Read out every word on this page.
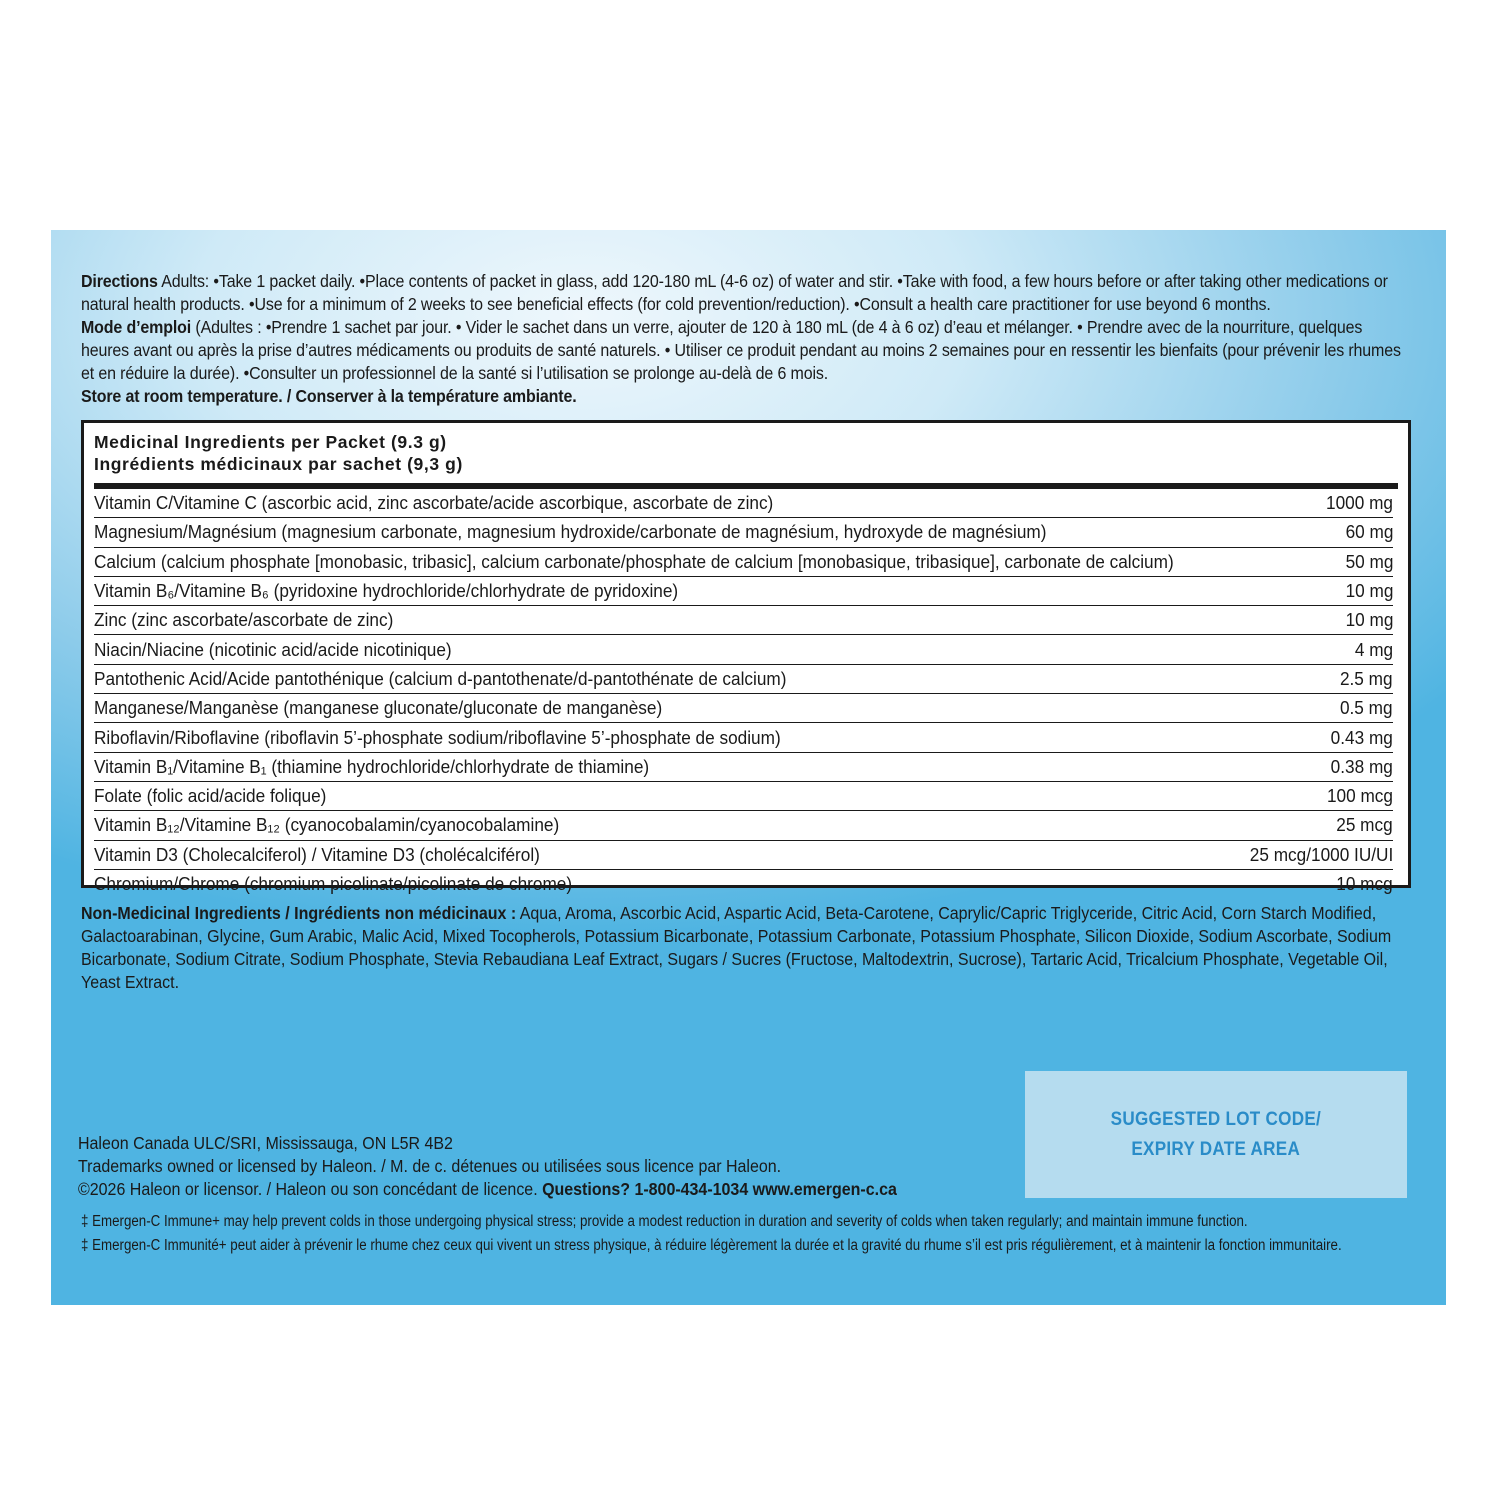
Directions Adults: •Take 1 packet daily. •Place contents of packet in glass, add 120-180 mL (4-6 oz) of water and stir. •Take with food, a few hours before or after taking other medications or natural health products. •Use for a minimum of 2 weeks to see beneficial effects (for cold prevention/reduction). •Consult a health care practitioner for use beyond 6 months.

Mode d’emploi (Adultes : •Prendre 1 sachet par jour. • Vider le sachet dans un verre, ajouter de 120 à 180 mL (de 4 à 6 oz) d’eau et mélanger. • Prendre avec de la nourriture, quelques heures avant ou après la prise d’autres médicaments ou produits de santé naturels. • Utiliser ce produit pendant au moins 2 semaines pour en ressentir les bienfaits (pour prévenir les rhumes et en réduire la durée). •Consulter un professionnel de la santé si l’utilisation se prolonge au-delà de 6 mois.

Store at room temperature. / Conserver à la température ambiante.

Medicinal Ingredients per Packet (9.3 g)
Ingrédients médicinaux par sachet (9,3 g)
Vitamin C/Vitamine C (ascorbic acid, zinc ascorbate/acide ascorbique, ascorbate de zinc)	1000 mg
Magnesium/Magnésium (magnesium carbonate, magnesium hydroxide/carbonate de magnésium, hydroxyde de magnésium)	60 mg
Calcium (calcium phosphate [monobasic, tribasic], calcium carbonate/phosphate de calcium [monobasique, tribasique], carbonate de calcium)	50 mg
Vitamin B₆/Vitamine B₆ (pyridoxine hydrochloride/chlorhydrate de pyridoxine)	10 mg
Zinc (zinc ascorbate/ascorbate de zinc)	10 mg
Niacin/Niacine (nicotinic acid/acide nicotinique)	4 mg
Pantothenic Acid/Acide pantothénique (calcium d-pantothenate/d-pantothénate de calcium)	2.5 mg
Manganese/Manganèse (manganese gluconate/gluconate de manganèse)	0.5 mg
Riboflavin/Riboflavine (riboflavin 5’-phosphate sodium/riboflavine 5’-phosphate de sodium)	0.43 mg
Vitamin B₁/Vitamine B₁ (thiamine hydrochloride/chlorhydrate de thiamine)	0.38 mg
Folate (folic acid/acide folique)	100 mcg
Vitamin B₁₂/Vitamine B₁₂ (cyanocobalamin/cyanocobalamine)	25 mcg
Vitamin D3 (Cholecalciferol) / Vitamine D3 (cholécalciférol)	25 mcg/1000 IU/UI
Chromium/Chrome (chromium picolinate/picolinate de chrome)	10 mcg
Non-Medicinal Ingredients / Ingrédients non médicinaux : Aqua, Aroma, Ascorbic Acid, Aspartic Acid, Beta-Carotene, Caprylic/Capric Triglyceride, Citric Acid, Corn Starch Modified, Galactoarabinan, Glycine, Gum Arabic, Malic Acid, Mixed Tocopherols, Potassium Bicarbonate, Potassium Carbonate, Potassium Phosphate, Silicon Dioxide, Sodium Ascorbate, Sodium Bicarbonate, Sodium Citrate, Sodium Phosphate, Stevia Rebaudiana Leaf Extract, Sugars / Sucres (Fructose, Maltodextrin, Sucrose), Tartaric Acid, Tricalcium Phosphate, Vegetable Oil, Yeast Extract.
SUGGESTED LOT CODE/
EXPIRY DATE AREA

Haleon Canada ULC/SRI, Mississauga, ON L5R 4B2

Trademarks owned or licensed by Haleon. / M. de c. détenues ou utilisées sous licence par Haleon.

©2026 Haleon or licensor. / Haleon ou son concédant de licence. Questions? 1-800-434-1034 www.emergen-c.ca

‡ Emergen-C Immune+ may help prevent colds in those undergoing physical stress; provide a modest reduction in duration and severity of colds when taken regularly; and maintain immune function.

‡ Emergen-C Immunité+ peut aider à prévenir le rhume chez ceux qui vivent un stress physique, à réduire légèrement la durée et la gravité du rhume s’il est pris régulièrement, et à maintenir la fonction immunitaire.
